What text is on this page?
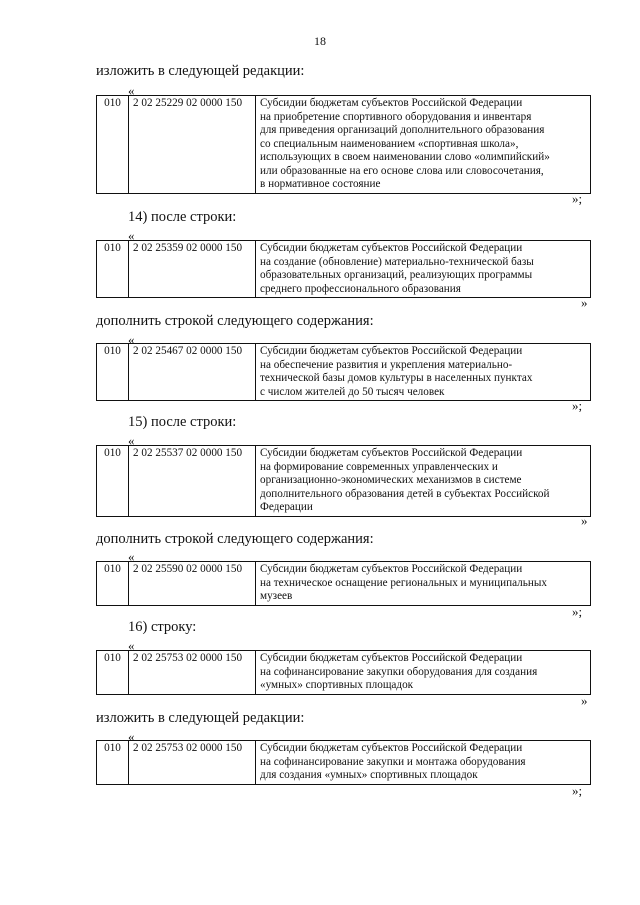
18
изложить в следующей редакции:
«
010	2 02 25229 02 0000 150	Субсидии бюджетам субъектов Российской Федерации
на приобретение спортивного оборудования и инвентаря
для приведения организаций дополнительного образования
со специальным наименованием «спортивная школа»,
использующих в своем наименовании слово «олимпийский»
или образованные на его основе слова или словосочетания,
в нормативное состояние
»;
14) после строки:
«
010	2 02 25359 02 0000 150	Субсидии бюджетам субъектов Российской Федерации
на создание (обновление) материально-технической базы
образовательных организаций, реализующих программы
среднего профессионального образования
»
дополнить строкой следующего содержания:
«
010	2 02 25467 02 0000 150	Субсидии бюджетам субъектов Российской Федерации
на обеспечение развития и укрепления материально-
технической базы домов культуры в населенных пунктах
с числом жителей до 50 тысяч человек
»;
15) после строки:
«
010	2 02 25537 02 0000 150	Субсидии бюджетам субъектов Российской Федерации
на формирование современных управленческих и
организационно-экономических механизмов в системе
дополнительного образования детей в субъектах Российской
Федерации
»
дополнить строкой следующего содержания:
«
010	2 02 25590 02 0000 150	Субсидии бюджетам субъектов Российской Федерации
на техническое оснащение региональных и муниципальных
музеев
»;
16) строку:
«
010	2 02 25753 02 0000 150	Субсидии бюджетам субъектов Российской Федерации
на софинансирование закупки оборудования для создания
«умных» спортивных площадок
»
изложить в следующей редакции:
«
010	2 02 25753 02 0000 150	Субсидии бюджетам субъектов Российской Федерации
на софинансирование закупки и монтажа оборудования
для создания «умных» спортивных площадок
»;
